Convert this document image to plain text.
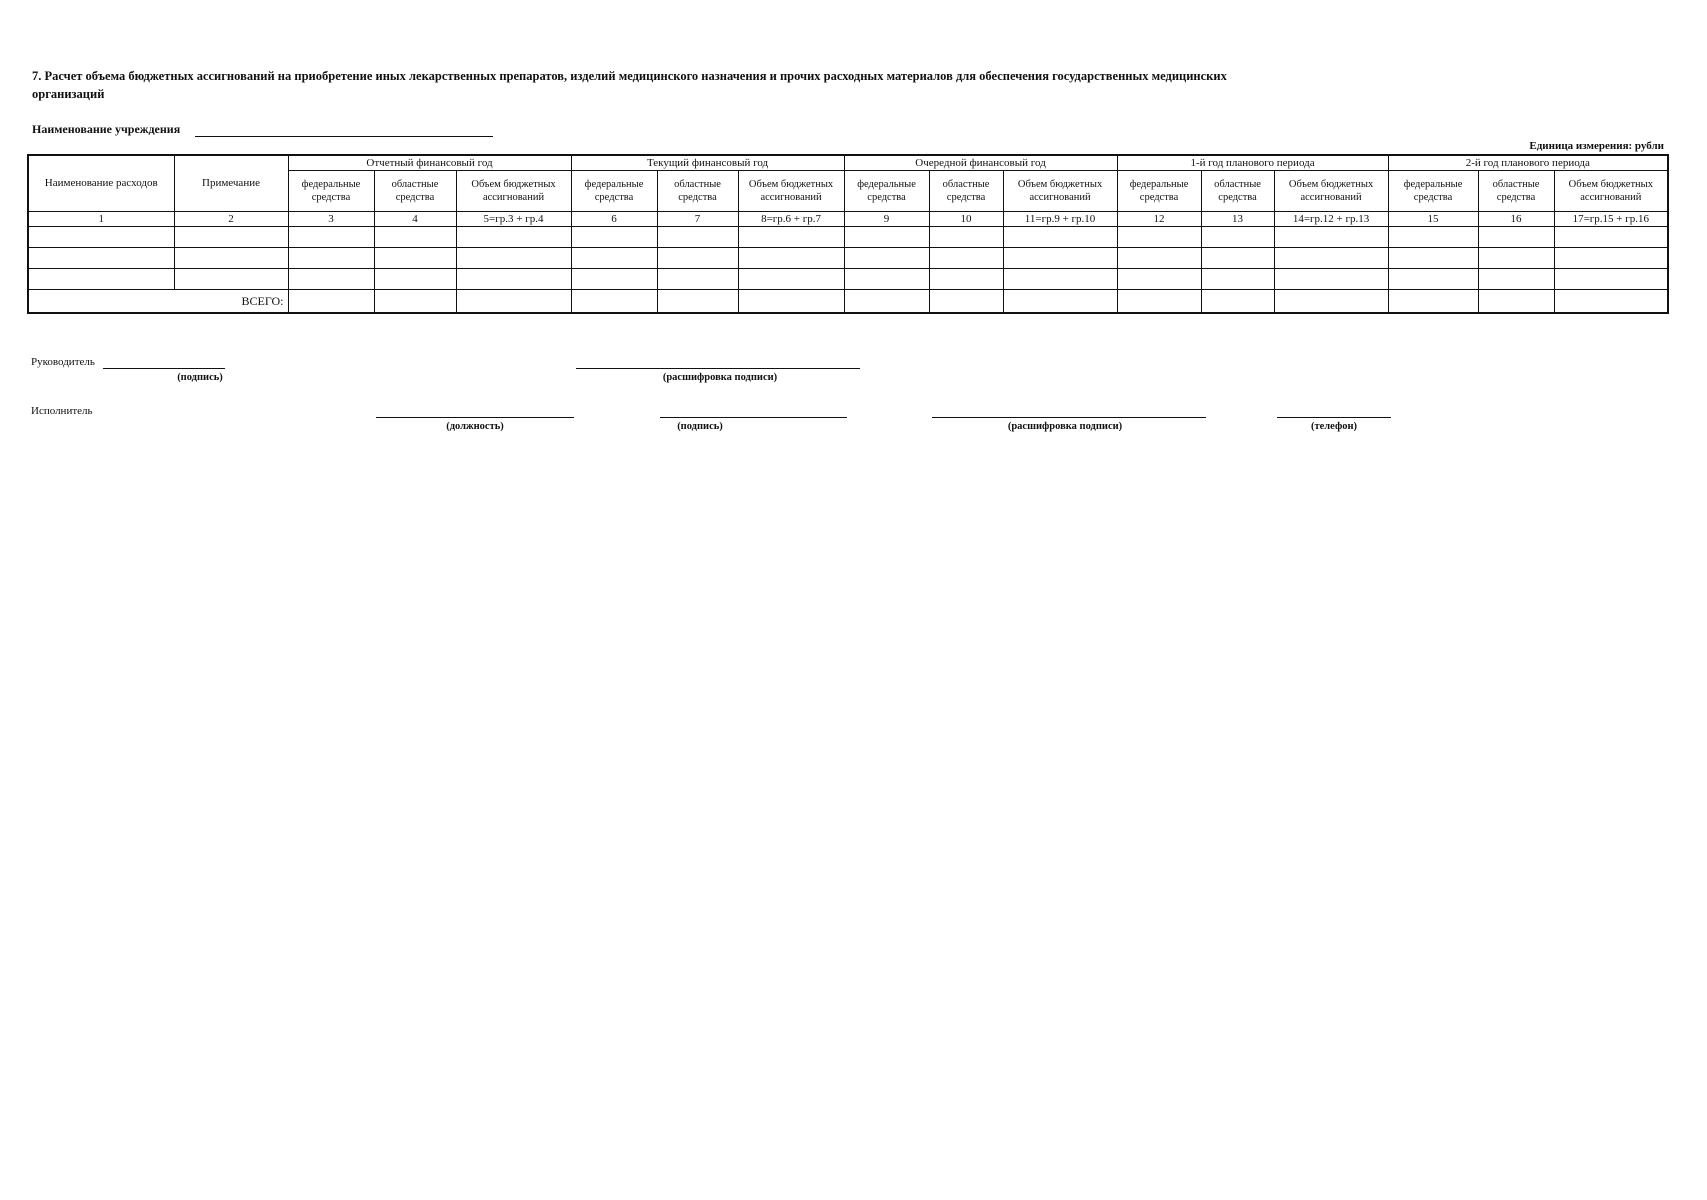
7. Расчет объема бюджетных ассигнований на приобретение иных лекарственных препаратов, изделий медицинского назначения и прочих расходных материалов для обеспечения государственных медицинских организаций
Наименование учреждения
Единица измерения: рубли
Наименование расходов	Примечание	Отчетный финансовый год			Текущий финансовый год			Очередной финансовый год			1-й год планового периода			2-й год планового периода		
		федеральные средства	областные средства	Объем бюджетных ассигнований	федеральные средства	областные средства	Объем бюджетных ассигнований	федеральные средства	областные средства	Объем бюджетных ассигнований	федеральные средства	областные средства	Объем бюджетных ассигнований	федеральные средства	областные средства	Объем бюджетных ассигнований
1	2	3	4	5=гр.3 + гр.4	6	7	8=гр.6 + гр.7	9	10	11=гр.9 + гр.10	12	13	14=гр.12 + гр.13	15	16	17=гр.15 + гр.16

ВСЕГО:																
Руководитель
(подпись)	(расшифровка подписи)
Исполнитель
(должность)	(подпись)	(расшифровка подписи)	(телефон)
